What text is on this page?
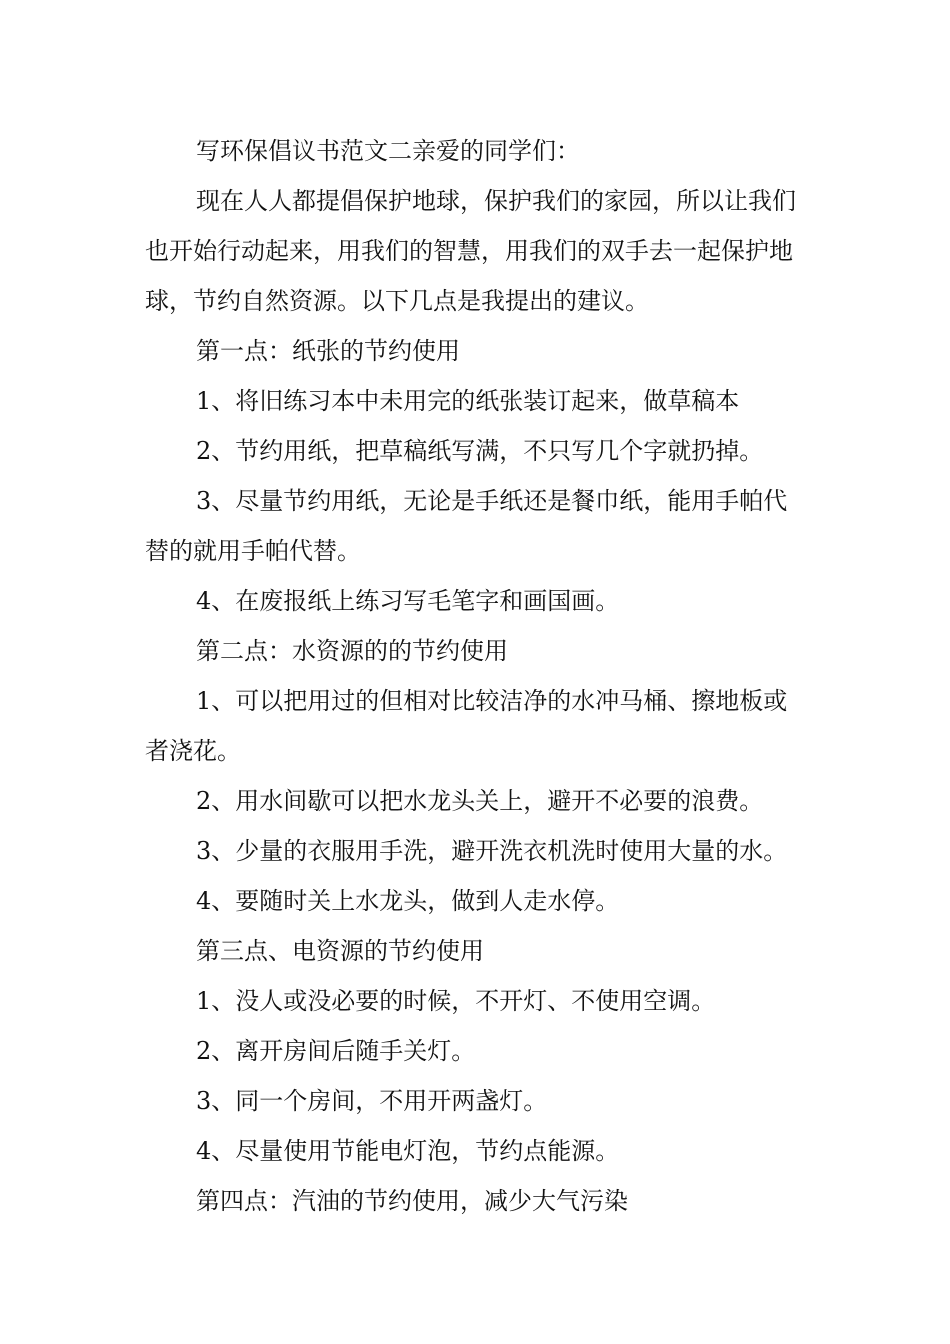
写环保倡议书范文二亲爱的同学们：

现在人人都提倡保护地球，保护我们的家园，所以让我们也开始行动起来，用我们的智慧，用我们的双手去一起保护地球，节约自然资源。以下几点是我提出的建议。

第一点：纸张的节约使用

1、将旧练习本中未用完的纸张装订起来，做草稿本

2、节约用纸，把草稿纸写满，不只写几个字就扔掉。

3、尽量节约用纸，无论是手纸还是餐巾纸，能用手帕代替的就用手帕代替。

4、在废报纸上练习写毛笔字和画国画。

第二点：水资源的的节约使用

1、可以把用过的但相对比较洁净的水冲马桶、擦地板或者浇花。

2、用水间歇可以把水龙头关上，避开不必要的浪费。

3、少量的衣服用手洗，避开洗衣机洗时使用大量的水。

4、要随时关上水龙头，做到人走水停。

第三点、电资源的节约使用

1、没人或没必要的时候，不开灯、不使用空调。

2、离开房间后随手关灯。

3、同一个房间，不用开两盏灯。

4、尽量使用节能电灯泡，节约点能源。

第四点：汽油的节约使用，减少大气污染
